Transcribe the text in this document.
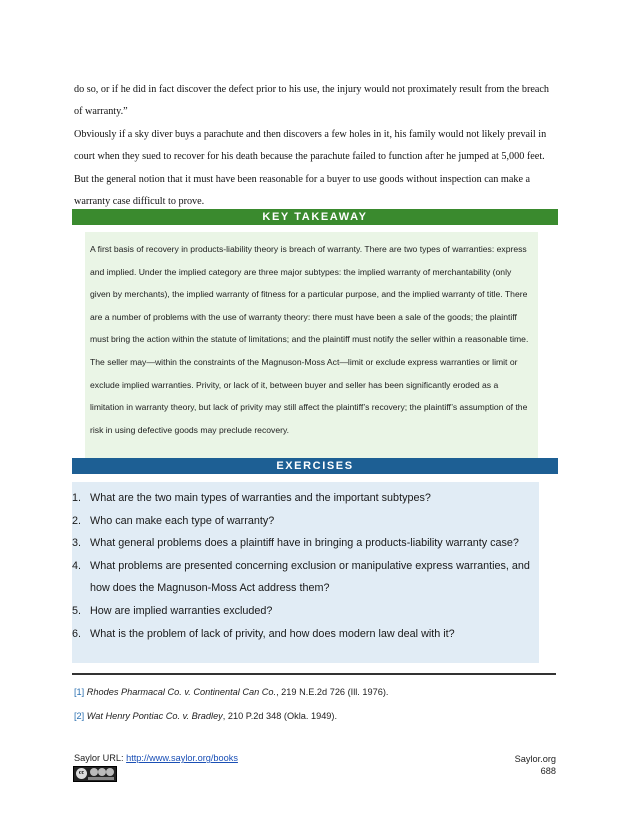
do so, or if he did in fact discover the defect prior to his use, the injury would not proximately result from the breach of warranty.”

Obviously if a sky diver buys a parachute and then discovers a few holes in it, his family would not likely prevail in court when they sued to recover for his death because the parachute failed to function after he jumped at 5,000 feet. But the general notion that it must have been reasonable for a buyer to use goods without inspection can make a warranty case difficult to prove.

KEY TAKEAWAY
A first basis of recovery in products-liability theory is breach of warranty. There are two types of warranties: express and implied. Under the implied category are three major subtypes: the implied warranty of merchantability (only given by merchants), the implied warranty of fitness for a particular purpose, and the implied warranty of title. There are a number of problems with the use of warranty theory: there must have been a sale of the goods; the plaintiff must bring the action within the statute of limitations; and the plaintiff must notify the seller within a reasonable time. The seller may—within the constraints of the Magnuson-Moss Act—limit or exclude express warranties or limit or exclude implied warranties. Privity, or lack of it, between buyer and seller has been significantly eroded as a limitation in warranty theory, but lack of privity may still affect the plaintiff’s recovery; the plaintiff’s assumption of the risk in using defective goods may preclude recovery.
EXERCISES
1. What are the two main types of warranties and the important subtypes?
2. Who can make each type of warranty?
3. What general problems does a plaintiff have in bringing a products-liability warranty case?
4. What problems are presented concerning exclusion or manipulative express warranties, and how does the Magnuson-Moss Act address them?
5. How are implied warranties excluded?
6. What is the problem of lack of privity, and how does modern law deal with it?
[1] Rhodes Pharmacal Co. v. Continental Can Co., 219 N.E.2d 726 (Ill. 1976).
[2] Wat Henry Pontiac Co. v. Bradley, 210 P.2d 348 (Okla. 1949).
Saylor URL: http://www.saylor.org/books
cc
Saylor.org
688
